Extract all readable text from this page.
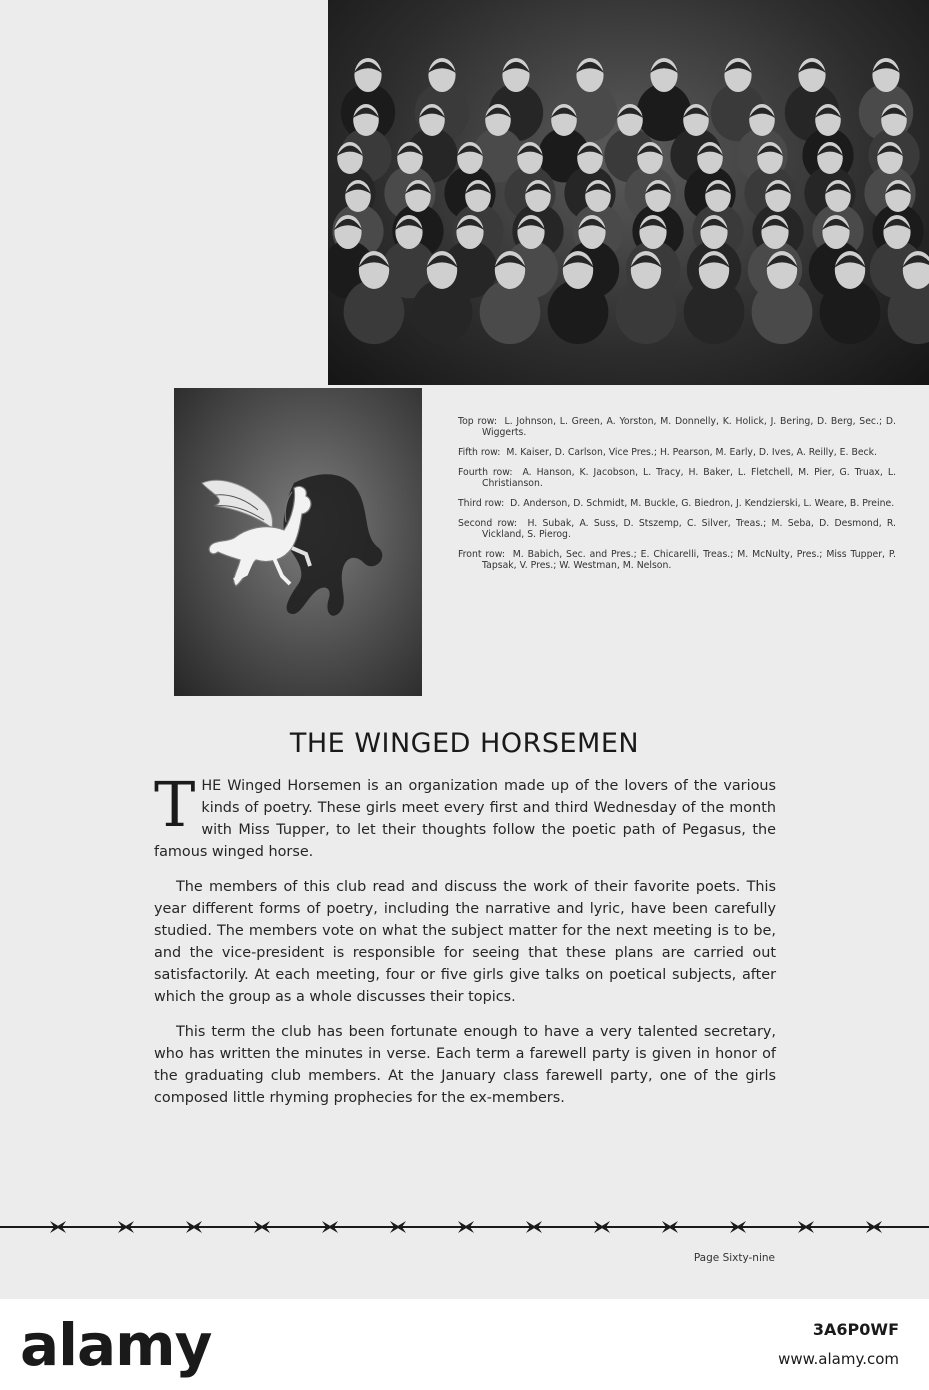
Top row: L. Johnson, L. Green, A. Yorston, M. Donnelly, K. Holick, J. Bering, D. Berg, Sec.; D. Wiggerts.

Fifth row: M. Kaiser, D. Carlson, Vice Pres.; H. Pearson, M. Early, D. Ives, A. Reilly, E. Beck.

Fourth row: A. Hanson, K. Jacobson, L. Tracy, H. Baker, L. Fletchell, M. Pier, G. Truax, L. Christianson.

Third row: D. Anderson, D. Schmidt, M. Buckle, G. Biedron, J. Kendzierski, L. Weare, B. Preine.

Second row: H. Subak, A. Suss, D. Stszemp, C. Silver, Treas.; M. Seba, D. Desmond, R. Vickland, S. Pierog.

Front row: M. Babich, Sec. and Pres.; E. Chicarelli, Treas.; M. McNulty, Pres.; Miss Tupper, P. Tapsak, V. Pres.; W. Westman, M. Nelson.

THE WINGED HORSEMEN

THE Winged Horsemen is an organization made up of the lovers of the various kinds of poetry. These girls meet every first and third Wednesday of the month with Miss Tupper, to let their thoughts follow the poetic path of Pegasus, the famous winged horse.

The members of this club read and discuss the work of their favorite poets. This year different forms of poetry, including the narrative and lyric, have been carefully studied. The members vote on what the subject matter for the next meeting is to be, and the vice-president is responsible for seeing that these plans are carried out satisfactorily. At each meeting, four or five girls give talks on poetical subjects, after which the group as a whole discusses their topics.

This term the club has been fortunate enough to have a very talented secretary, who has written the minutes in verse. Each term a farewell party is given in honor of the graduating club members. At the January class farewell party, one of the girls composed little rhyming prophecies for the ex-members.

Page Sixty-nine
alamy	3A6P0WF
www.alamy.com
